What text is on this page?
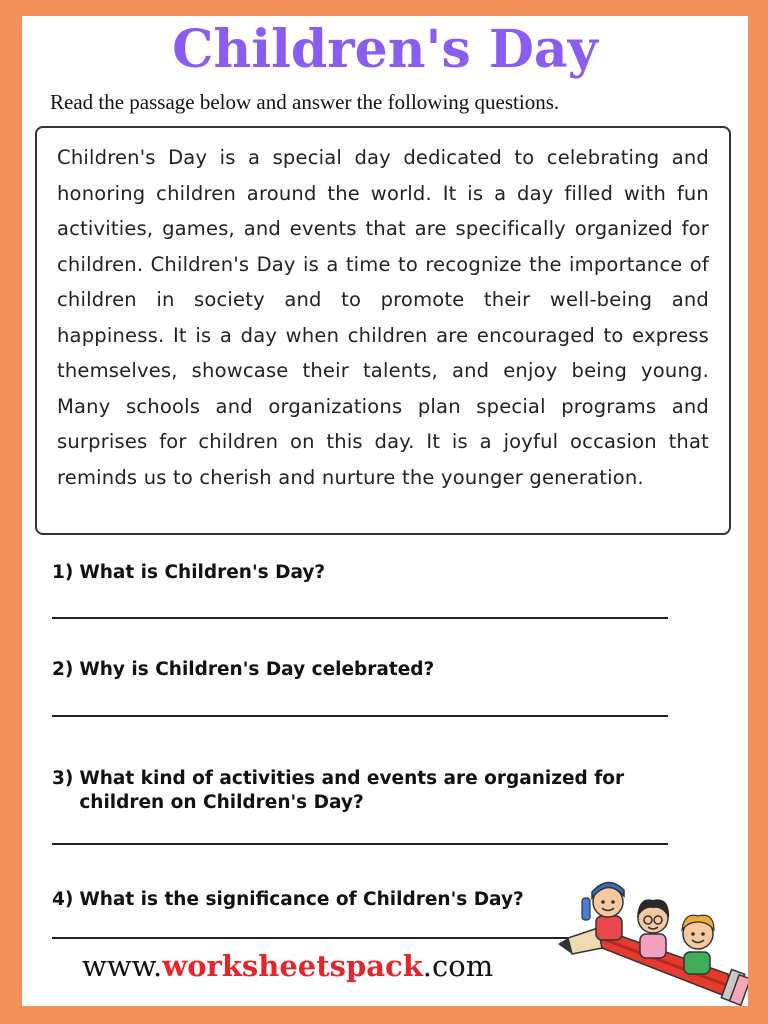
Children's Day
Read the passage below and answer the following questions.

Children's Day is a special day dedicated to celebrating and honoring children around the world. It is a day filled with fun activities, games, and events that are specifically organized for children. Children's Day is a time to recognize the importance of children in society and to promote their well-being and happiness. It is a day when children are encouraged to express themselves, showcase their talents, and enjoy being young. Many schools and organizations plan special programs and surprises for children on this day. It is a joyful occasion that reminds us to cherish and nurture the younger generation.

1) What is Children's Day?
2) Why is Children's Day celebrated?
3) What kind of activities and events are organized for children on Children's Day?
4) What is the significance of Children's Day?
www.worksheetspack.com
